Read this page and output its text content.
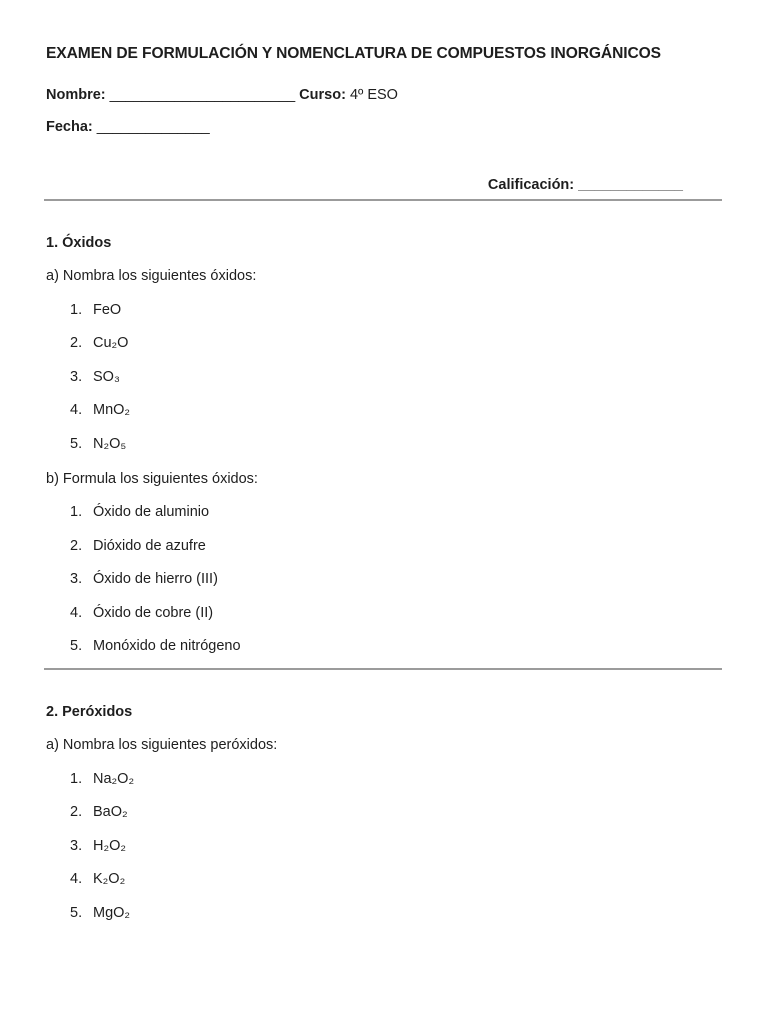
EXAMEN DE FORMULACIÓN Y NOMENCLATURA DE COMPUESTOS INORGÁNICOS
Nombre: _______________________ Curso: 4º ESO
Fecha: ______________
Calificación: _____________
1. Óxidos
a) Nombra los siguientes óxidos:
1. FeO
2. Cu₂O
3. SO₃
4. MnO₂
5. N₂O₅
b) Formula los siguientes óxidos:
1. Óxido de aluminio
2. Dióxido de azufre
3. Óxido de hierro (III)
4. Óxido de cobre (II)
5. Monóxido de nitrógeno
2. Peróxidos
a) Nombra los siguientes peróxidos:
1. Na₂O₂
2. BaO₂
3. H₂O₂
4. K₂O₂
5. MgO₂
